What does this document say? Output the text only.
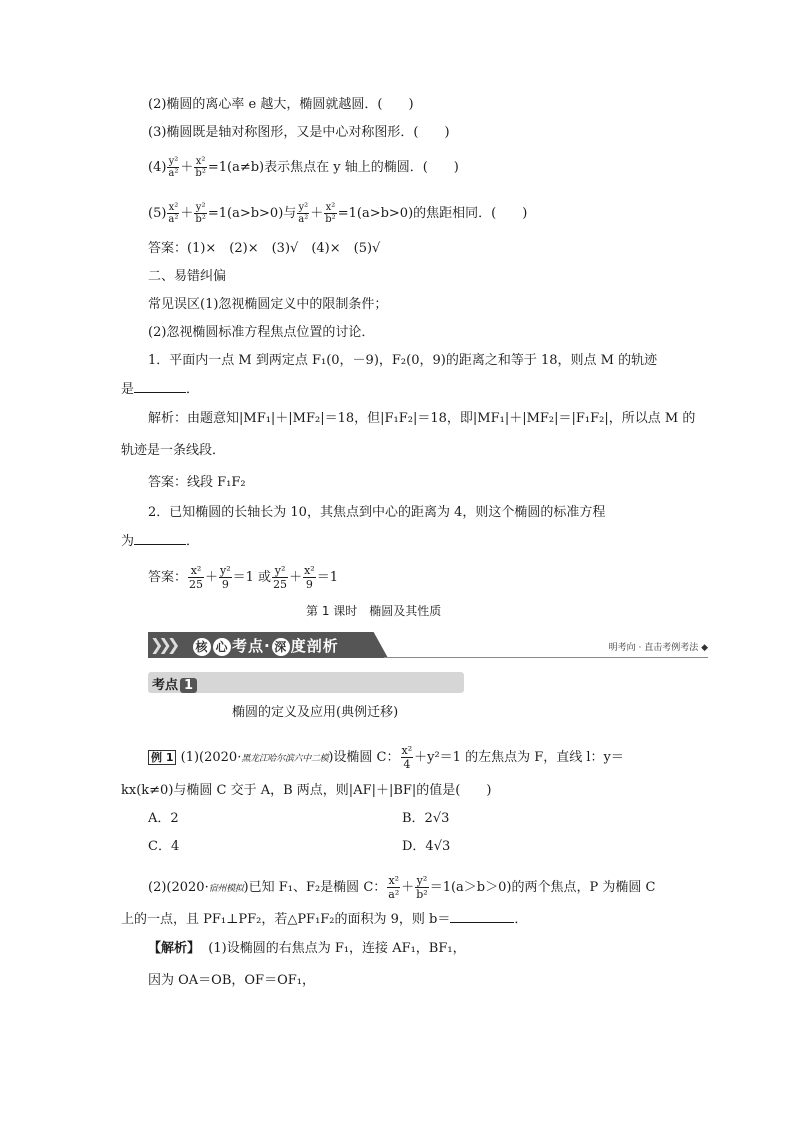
(2)椭圆的离心率 e 越大，椭圆就越圆．(　　)
(3)椭圆既是轴对称图形，又是中心对称图形．(　　)
$(4) \frac{\text{y²}}{\text{a²}} + \frac{\text{x²}}{\text{b²}} =1(a\ne b)$表示焦点在 y 轴上的椭圆．(　　)
$(5) \frac{\text{x²}}{\text{a²}} + \frac{\text{y²}}{\text{b²}} =1(a>b>0)$与 $\frac{\text{y²}}{\text{a²}} + \frac{\text{x²}}{\text{b²}} =1(a>b>0)$的焦距相同．(　　)
答案：(1)×　(2)×　(3)√　(4)×　(5)√
二、易错纠偏
常见误区(1)忽视椭圆定义中的限制条件；
(2)忽视椭圆标准方程焦点位置的讨论．
1．平面内一点 M 到两定点 F₁(0，－9)，F₂(0，9)的距离之和等于 18，则点 M 的轨迹
是	．
解析：由题意知|MF₁|＋|MF₂|＝18，但|F₁F₂|＝18，即|MF₁|＋|MF₂|＝|F₁F₂|，所以点 M 的
轨迹是一条线段．
答案：线段 F₁F₂
2．已知椭圆的长轴长为 10，其焦点到中心的距离为 4，则这个椭圆的标准方程
为	．
答案： $\frac{\text{x²}}{25} + \frac{\text{y²}}{9} =1$ 或 $\frac{\text{y²}}{25} + \frac{\text{x²}}{9} =1$
第 1 课时　椭圆及其性质
❯❯❯ 核 心 考点· 深 度剖析	明考向 · 直击考例考法 ◆
考点 1
椭圆的定义及应用(典例迁移)
例 1 (1)(2020·黑龙江哈尔滨六中二模)设椭圆 C： $\frac{\text{x²}}{4} +y^2=1$ 的左焦点为 F，直线 l：y＝
kx(k≠0)与椭圆 C 交于 A，B 两点，则|AF|＋|BF|的值是(　　)
A．2	B．2√3
C．4	D．4√3
(2)(2020·宿州模拟)已知 F₁、F₂是椭圆 C： $\frac{\text{x²}}{\text{a²}} + \frac{\text{y²}}{\text{b²}} =1(a>b>0)$的两个焦点，P 为椭圆 C
上的一点，且 PF₁⊥PF₂，若△PF₁F₂的面积为 9，则 b＝	．
【解析】 (1)设椭圆的右焦点为 F₁，连接 AF₁，BF₁，
因为 OA＝OB，OF＝OF₁，
